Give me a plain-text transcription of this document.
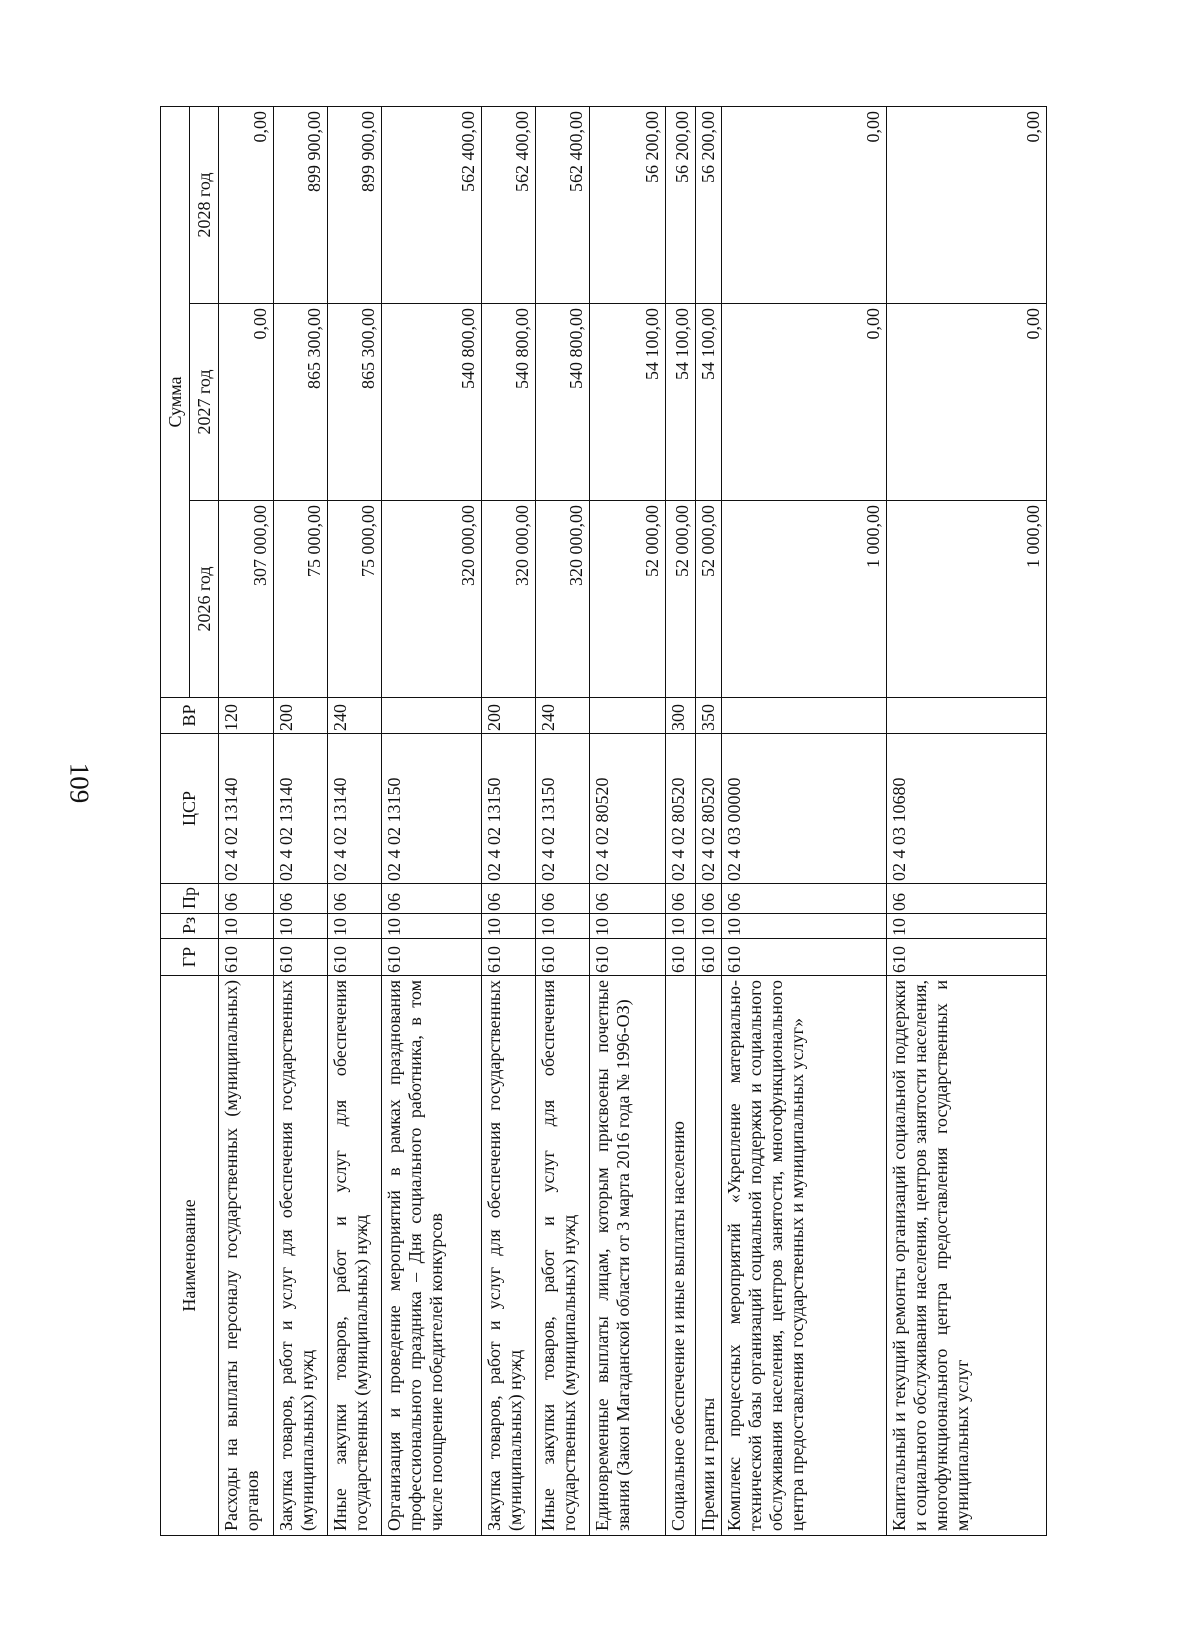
109
Наименование	ГР	Рз	Пр	ЦСР	ВР	Сумма		
						2026 год	2027 год	2028 год
Расходы на выплаты персоналу государственных (муниципальных) органов	610	10	06	02 4 02 13140	120	307 000,00	0,00	0,00
Закупка товаров, работ и услуг для обеспечения государственных (муниципальных) нужд	610	10	06	02 4 02 13140	200	75 000,00	865 300,00	899 900,00
Иные закупки товаров, работ и услуг для обеспечения государственных (муниципальных) нужд	610	10	06	02 4 02 13140	240	75 000,00	865 300,00	899 900,00
Организация и проведение мероприятий в рамках празднования профессионального праздника – Дня социального работника, в том числе поощрение победителей конкурсов	610	10	06	02 4 02 13150		320 000,00	540 800,00	562 400,00
Закупка товаров, работ и услуг для обеспечения государственных (муниципальных) нужд	610	10	06	02 4 02 13150	200	320 000,00	540 800,00	562 400,00
Иные закупки товаров, работ и услуг для обеспечения государственных (муниципальных) нужд	610	10	06	02 4 02 13150	240	320 000,00	540 800,00	562 400,00
Единовременные выплаты лицам, которым присвоены почетные звания (Закон Магаданской области от 3 марта 2016 года № 1996-ОЗ)	610	10	06	02 4 02 80520		52 000,00	54 100,00	56 200,00
Социальное обеспечение и иные выплаты населению	610	10	06	02 4 02 80520	300	52 000,00	54 100,00	56 200,00
Премии и гранты	610	10	06	02 4 02 80520	350	52 000,00	54 100,00	56 200,00
Комплекс процессных мероприятий «Укрепление материально-технической базы организаций социальной поддержки и социального обслуживания населения, центров занятости, многофункционального центра предоставления государственных и муниципальных услуг»	610	10	06	02 4 03 00000		1 000,00	0,00	0,00
Капитальный и текущий ремонты организаций социальной поддержки и социального обслуживания населения, центров занятости населения, многофункционального центра предоставления государственных и муниципальных услуг	610	10	06	02 4 03 10680		1 000,00	0,00	0,00
